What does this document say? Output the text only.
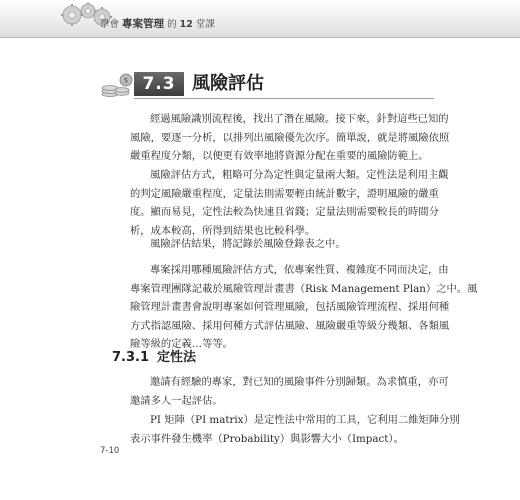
學會 專案管理 的 12 堂課
$ 7.3 風險評估
經過風險識別流程後，找出了潛在風險。接下來，針對這些已知的
風險，要逐一分析，以排列出風險優先次序。簡單說，就是將風險依照
嚴重程度分類，以便更有效率地將資源分配在重要的風險防範上。
風險評估方式，粗略可分為定性與定量兩大類。定性法是利用主觀
的判定風險嚴重程度，定量法則需要輕由統計數字，證明風險的嚴重
度。顯而易見，定性法較為快速且省錢；定量法則需要較長的時間分
析，成本較高，所得到結果也比較科學。
風險評估結果，將記錄於風險登錄表之中。
專案採用哪種風險評估方式，依專案性質、複雜度不同而決定，由
專案管理團隊記載於風險管理計畫書（Risk Management Plan）之中。風
險管理計畫書會說明專案如何管理風險，包括風險管理流程、採用何種
方式指認風險、採用何種方式評估風險、風險嚴重等級分幾類、各類風
險等級的定義…等等。
7.3.1 定性法
邀請有經驗的專家，對已知的風險事件分別歸類。為求慎重，亦可
邀請多人一起評估。
PI 矩陣（PI matrix）是定性法中常用的工具，它利用二維矩陣分別
表示事件發生機率（Probability）與影響大小（Impact）。
7-10
